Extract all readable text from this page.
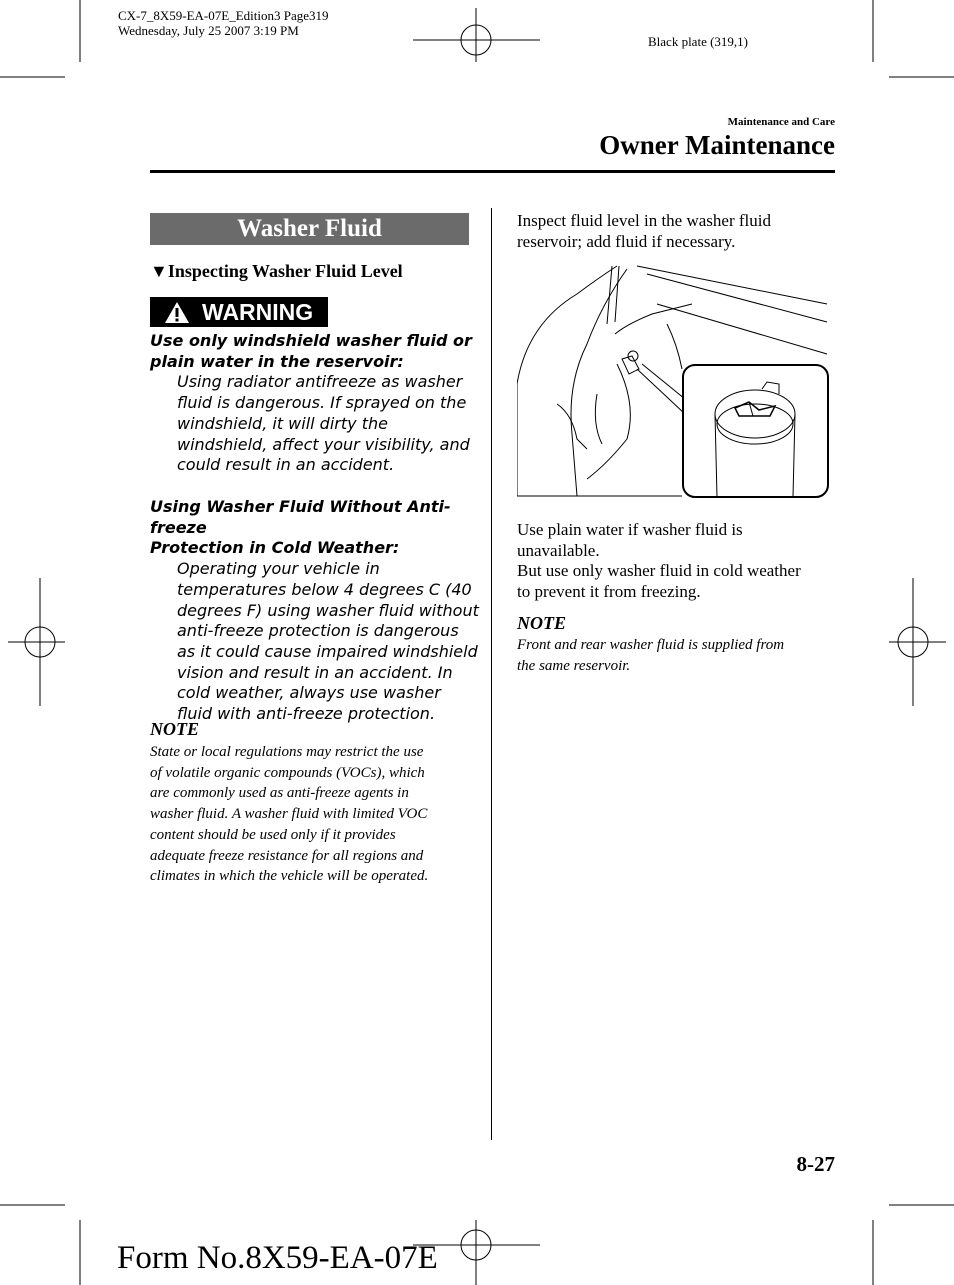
CX-7_8X59-EA-07E_Edition3 Page319
Wednesday, July 25 2007 3:19 PM
Black plate (319,1)
Maintenance and Care
Owner Maintenance
Washer Fluid
▼Inspecting Washer Fluid Level
WARNING
Use only windshield washer fluid or
plain water in the reservoir:
Using radiator antifreeze as washer
fluid is dangerous. If sprayed on the
windshield, it will dirty the
windshield, affect your visibility, and
could result in an accident.
Using Washer Fluid Without Anti-freeze
Protection in Cold Weather:
Operating your vehicle in
temperatures below 4 degrees C (40
degrees F) using washer fluid without
anti-freeze protection is dangerous
as it could cause impaired windshield
vision and result in an accident. In
cold weather, always use washer
fluid with anti-freeze protection.
NOTE
State or local regulations may restrict the use
of volatile organic compounds (VOCs), which
are commonly used as anti-freeze agents in
washer fluid. A washer fluid with limited VOC
content should be used only if it provides
adequate freeze resistance for all regions and
climates in which the vehicle will be operated.
Inspect fluid level in the washer fluid
reservoir; add fluid if necessary.
Use plain water if washer fluid is
unavailable.
But use only washer fluid in cold weather
to prevent it from freezing.
NOTE
Front and rear washer fluid is supplied from
the same reservoir.
8-27
Form No.8X59-EA-07E
